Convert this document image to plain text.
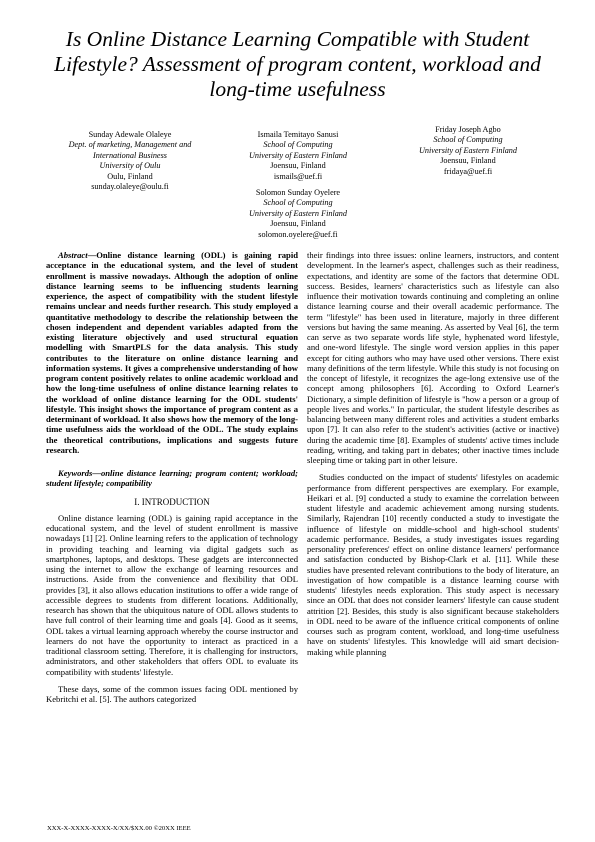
Is Online Distance Learning Compatible with Student Lifestyle? Assessment of program content, workload and long-time usefulness
Sunday Adewale Olaleye
Dept. of marketing, Management and International Business
University of Oulu
Oulu, Finland
sunday.olaleye@oulu.fi
Ismaila Temitayo Sanusi
School of Computing
University of Eastern Finland
Joensuu, Finland
ismails@uef.fi
Friday Joseph Agbo
School of Computing
University of Eastern Finland
Joensuu, Finland
fridaya@uef.fi
Solomon Sunday Oyelere
School of Computing
University of Eastern Finland
Joensuu, Finland
solomon.oyelere@uef.fi

Abstract—Online distance learning (ODL) is gaining rapid acceptance in the educational system, and the level of student enrollment is massive nowadays. Although the adoption of online distance learning seems to be influencing students learning experience, the aspect of compatibility with the student lifestyle remains unclear and needs further research. This study employed a quantitative methodology to describe the relationship between the chosen independent and dependent variables adapted from the existing literature objectively and used structural equation modelling with SmartPLS for the data analysis. This study contributes to the literature on online distance learning and information systems. It gives a comprehensive understanding of how program content positively relates to online academic workload and how the long-time usefulness of online distance learning relates to the workload of online distance learning for the ODL students' lifestyle. This insight shows the importance of program content as a determinant of workload. It also shows how the memory of the long-time usefulness aids the workload of the ODL. The study explains the theoretical contributions, implications and suggests future research.

Keywords—online distance learning; program content; workload; student lifestyle; compatibility

I. INTRODUCTION

Online distance learning (ODL) is gaining rapid acceptance in the educational system, and the level of student enrollment is massive nowadays [1] [2]. Online learning refers to the application of technology in providing teaching and learning via digital gadgets such as smartphones, laptops, and desktops. These gadgets are interconnected using the internet to allow the exchange of learning resources and instructions. Aside from the convenience and flexibility that ODL provides [3], it also allows education institutions to offer a wide range of accessible degrees to students from different locations. Additionally, research has shown that the ubiquitous nature of ODL allows students to have full control of their learning time and goals [4]. Good as it seems, ODL takes a virtual learning approach whereby the course instructor and learners do not have the opportunity to interact as practiced in a traditional classroom setting. Therefore, it is challenging for instructors, administrators, and other stakeholders that offers ODL to evaluate its compatibility with students' lifestyle.

These days, some of the common issues facing ODL mentioned by Kebritchi et al. [5]. The authors categorized

their findings into three issues: online learners, instructors, and content development. In the learner's aspect, challenges such as their readiness, expectations, and identity are some of the factors that determine ODL success. Besides, learners' characteristics such as lifestyle can also influence their motivation towards continuing and completing an online distance learning course and their overall academic performance. The term "lifestyle" has been used in literature, majorly in three different versions but having the same meaning. As asserted by Veal [6], the term can serve as two separate words life style, hyphenated word lifestyle, and one-word lifestyle. The single word version applies in this paper except for citing authors who may have used other versions. There exist many definitions of the term lifestyle. While this study is not focusing on the concept of lifestyle, it recognizes the age-long extensive use of the concept among philosophers [6]. According to Oxford Learner's Dictionary, a simple definition of lifestyle is "how a person or a group of people lives and works." In particular, the student lifestyle describes as balancing between many different roles and activities a student embarks upon [7]. It can also refer to the student's activities (active or inactive) during the academic time [8]. Examples of students' active times include reading, writing, and taking part in debates; other inactive times include sleeping time or taking part in other leisure.

Studies conducted on the impact of students' lifestyles on academic performance from different perspectives are exemplary. For example, Heikari et al. [9] conducted a study to examine the correlation between student lifestyle and academic achievement among nursing students. Similarly, Rajendran [10] recently conducted a study to investigate the influence of lifestyle on middle-school and high-school students' academic performance. Besides, a study investigates issues regarding personality preferences' effect on online distance learners' performance and satisfaction conducted by Bishop-Clark et al. [11]. While these studies have presented relevant contributions to the body of literature, an investigation of how compatible is a distance learning course with students' lifestyles needs exploration. This study aspect is necessary since an ODL that does not consider learners' lifestyle can cause student attrition [2]. Besides, this study is also significant because stakeholders in ODL need to be aware of the influence critical components of online courses such as program content, workload, and long-time usefulness have on students' lifestyles. This knowledge will aid smart decision-making while planning

XXX-X-XXXX-XXXX-X/XX/$XX.00 ©20XX IEEE
